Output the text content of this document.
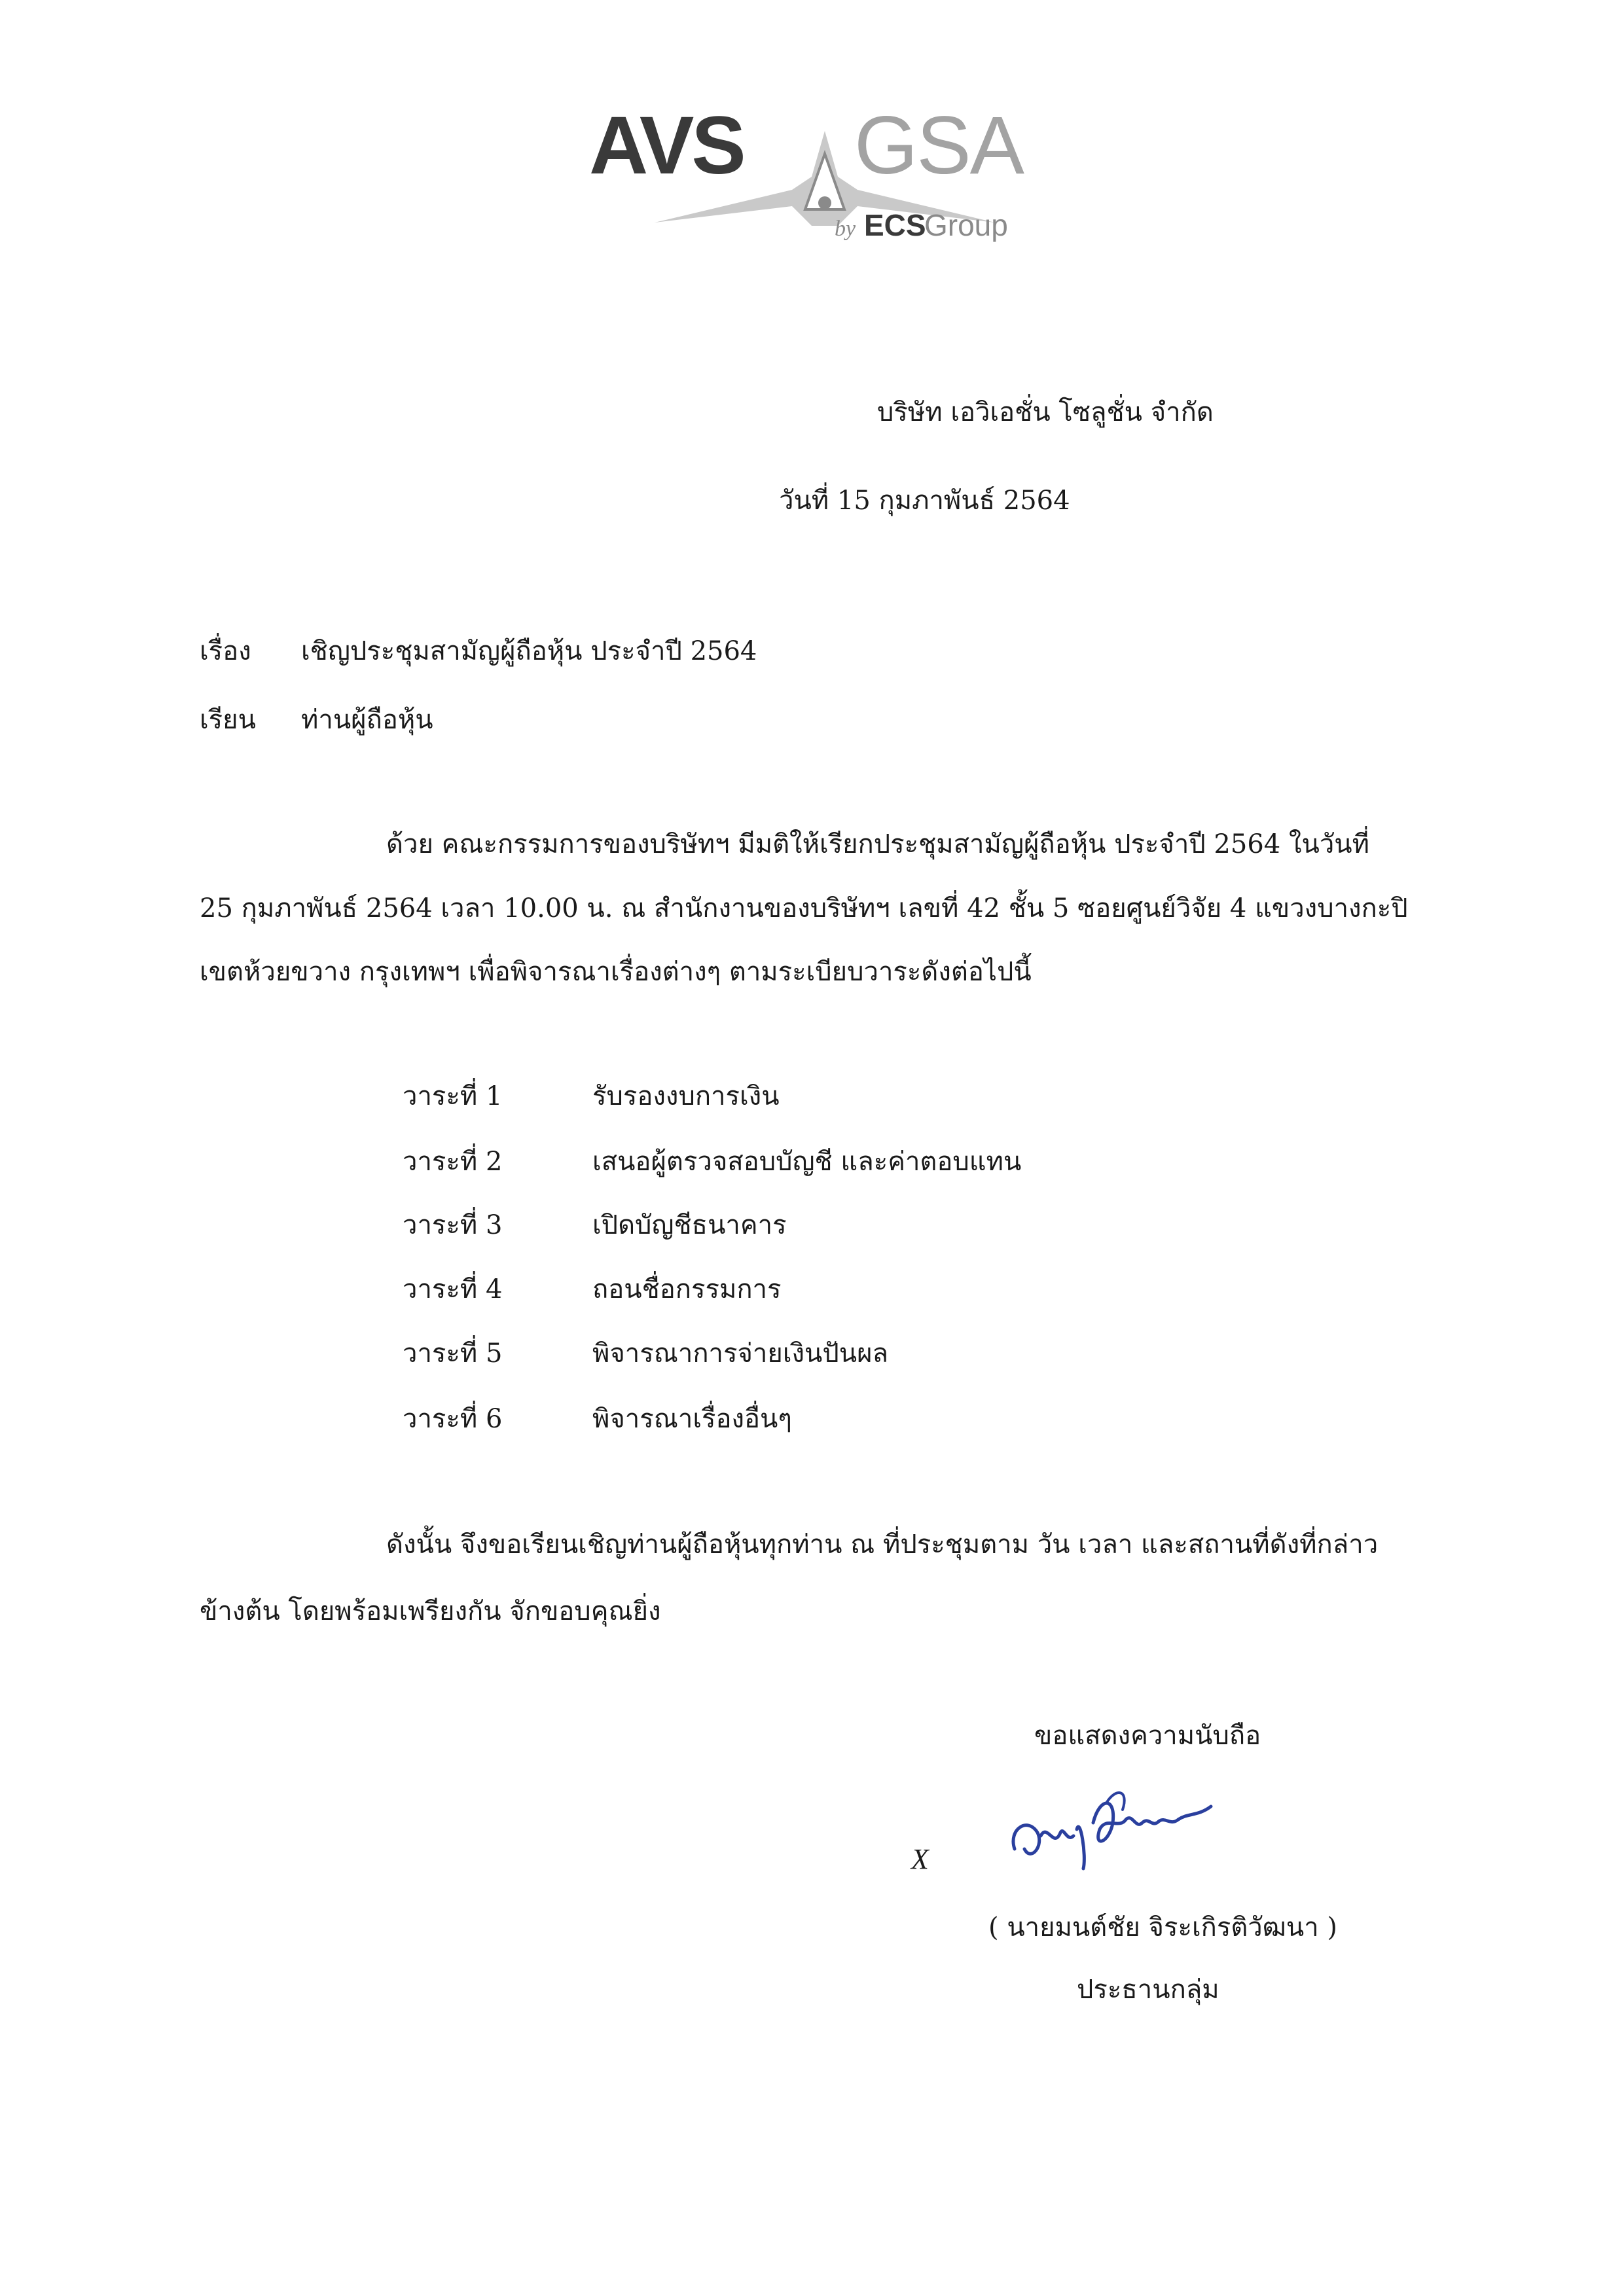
AVS GSA
by ECS
Group
บริษัท เอวิเอชั่น โซลูชั่น จำกัด
วันที่ 15 กุมภาพันธ์ 2564
เรื่อง เชิญประชุมสามัญผู้ถือหุ้น ประจำปี 2564
เรียน ท่านผู้ถือหุ้น
ด้วย คณะกรรมการของบริษัทฯ มีมติให้เรียกประชุมสามัญผู้ถือหุ้น ประจำปี 2564 ในวันที่
25 กุมภาพันธ์ 2564 เวลา 10.00 น. ณ สำนักงานของบริษัทฯ เลขที่ 42 ชั้น 5 ซอยศูนย์วิจัย 4 แขวงบางกะปิ
เขตห้วยขวาง กรุงเทพฯ เพื่อพิจารณาเรื่องต่างๆ ตามระเบียบวาระดังต่อไปนี้
วาระที่ 1	รับรองงบการเงิน
วาระที่ 2	เสนอผู้ตรวจสอบบัญชี และค่าตอบแทน
วาระที่ 3	เปิดบัญชีธนาคาร
วาระที่ 4	ถอนชื่อกรรมการ
วาระที่ 5	พิจารณาการจ่ายเงินปันผล
วาระที่ 6	พิจารณาเรื่องอื่นๆ
ดังนั้น จึงขอเรียนเชิญท่านผู้ถือหุ้นทุกท่าน ณ ที่ประชุมตาม วัน เวลา และสถานที่ดังที่กล่าว
ข้างต้น โดยพร้อมเพรียงกัน จักขอบคุณยิ่ง
ขอแสดงความนับถือ
X
( นายมนต์ชัย จิระเกิรติวัฒนา )
ประธานกลุ่ม
